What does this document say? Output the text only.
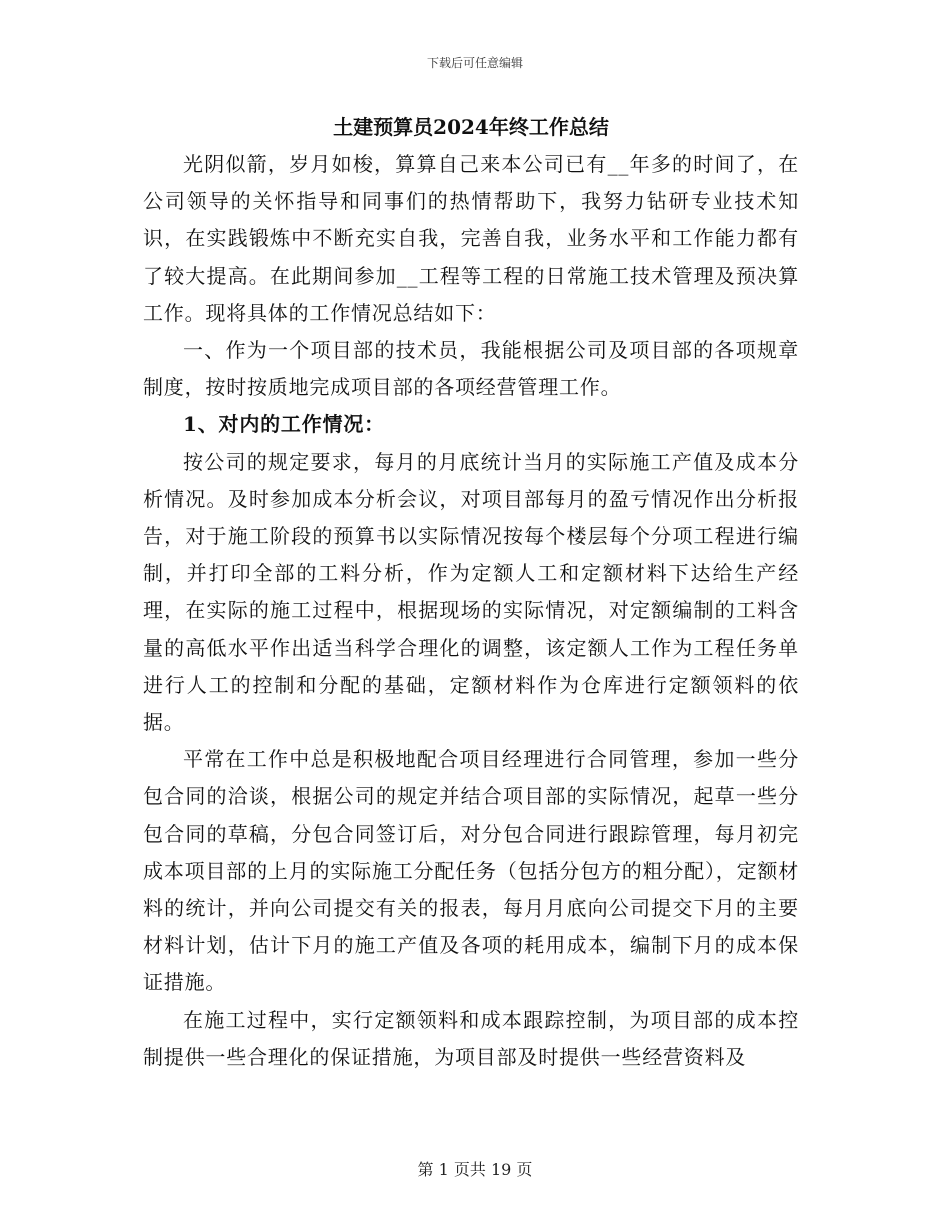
下载后可任意编辑

土建预算员2024年终工作总结

光阴似箭，岁月如梭，算算自己来本公司已有__年多的时间了，在公司领导的关怀指导和同事们的热情帮助下，我努力钻研专业技术知识，在实践锻炼中不断充实自我，完善自我，业务水平和工作能力都有了较大提高。在此期间参加__工程等工程的日常施工技术管理及预决算工作。现将具体的工作情况总结如下：

一、作为一个项目部的技术员，我能根据公司及项目部的各项规章制度，按时按质地完成项目部的各项经营管理工作。

1、对内的工作情况：

按公司的规定要求，每月的月底统计当月的实际施工产值及成本分析情况。及时参加成本分析会议，对项目部每月的盈亏情况作出分析报告，对于施工阶段的预算书以实际情况按每个楼层每个分项工程进行编制，并打印全部的工料分析，作为定额人工和定额材料下达给生产经理，在实际的施工过程中，根据现场的实际情况，对定额编制的工料含量的高低水平作出适当科学合理化的调整，该定额人工作为工程任务单进行人工的控制和分配的基础，定额材料作为仓库进行定额领料的依据。

平常在工作中总是积极地配合项目经理进行合同管理，参加一些分包合同的洽谈，根据公司的规定并结合项目部的实际情况，起草一些分包合同的草稿，分包合同签订后，对分包合同进行跟踪管理，每月初完成本项目部的上月的实际施工分配任务（包括分包方的粗分配），定额材料的统计，并向公司提交有关的报表，每月月底向公司提交下月的主要材料计划，估计下月的施工产值及各项的耗用成本，编制下月的成本保证措施。

在施工过程中，实行定额领料和成本跟踪控制，为项目部的成本控制提供一些合理化的保证措施，为项目部及时提供一些经营资料及

第 1 页共 19 页
